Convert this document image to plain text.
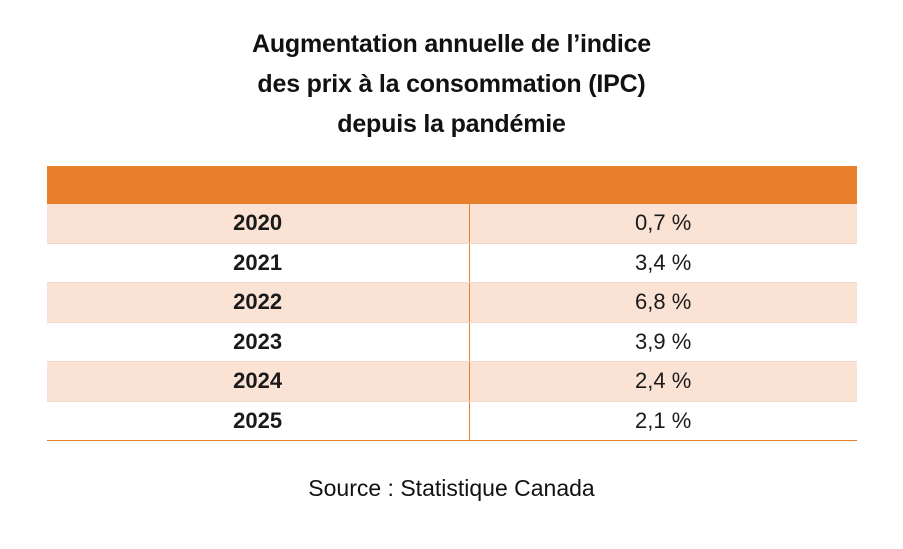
Augmentation annuelle de l’indice
des prix à la consommation (IPC)
depuis la pandémie

2020	0,7 %
2021	3,4 %
2022	6,8 %
2023	3,9 %
2024	2,4 %
2025	2,1 %
Source : Statistique Canada
